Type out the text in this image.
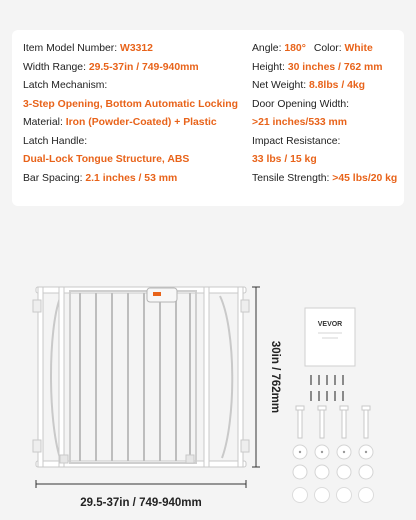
Item Model Number: W3312
Width Range: 29.5-37in / 749-940mm
Latch Mechanism:
3-Step Opening, Bottom Automatic Locking
Material: Iron (Powder-Coated) + Plastic
Latch Handle:
Dual-Lock Tongue Structure, ABS
Bar Spacing: 2.1 inches / 53 mm
Angle: 180° Color: White
Height: 30 inches / 762 mm
Net Weight: 8.8lbs / 4kg
Door Opening Width:
>21 inches/533 mm
Impact Resistance:
33 lbs / 15 kg
Tensile Strength: >45 lbs/20 kg
30in / 762mm
29.5-37in / 749-940mm
VEVOR
